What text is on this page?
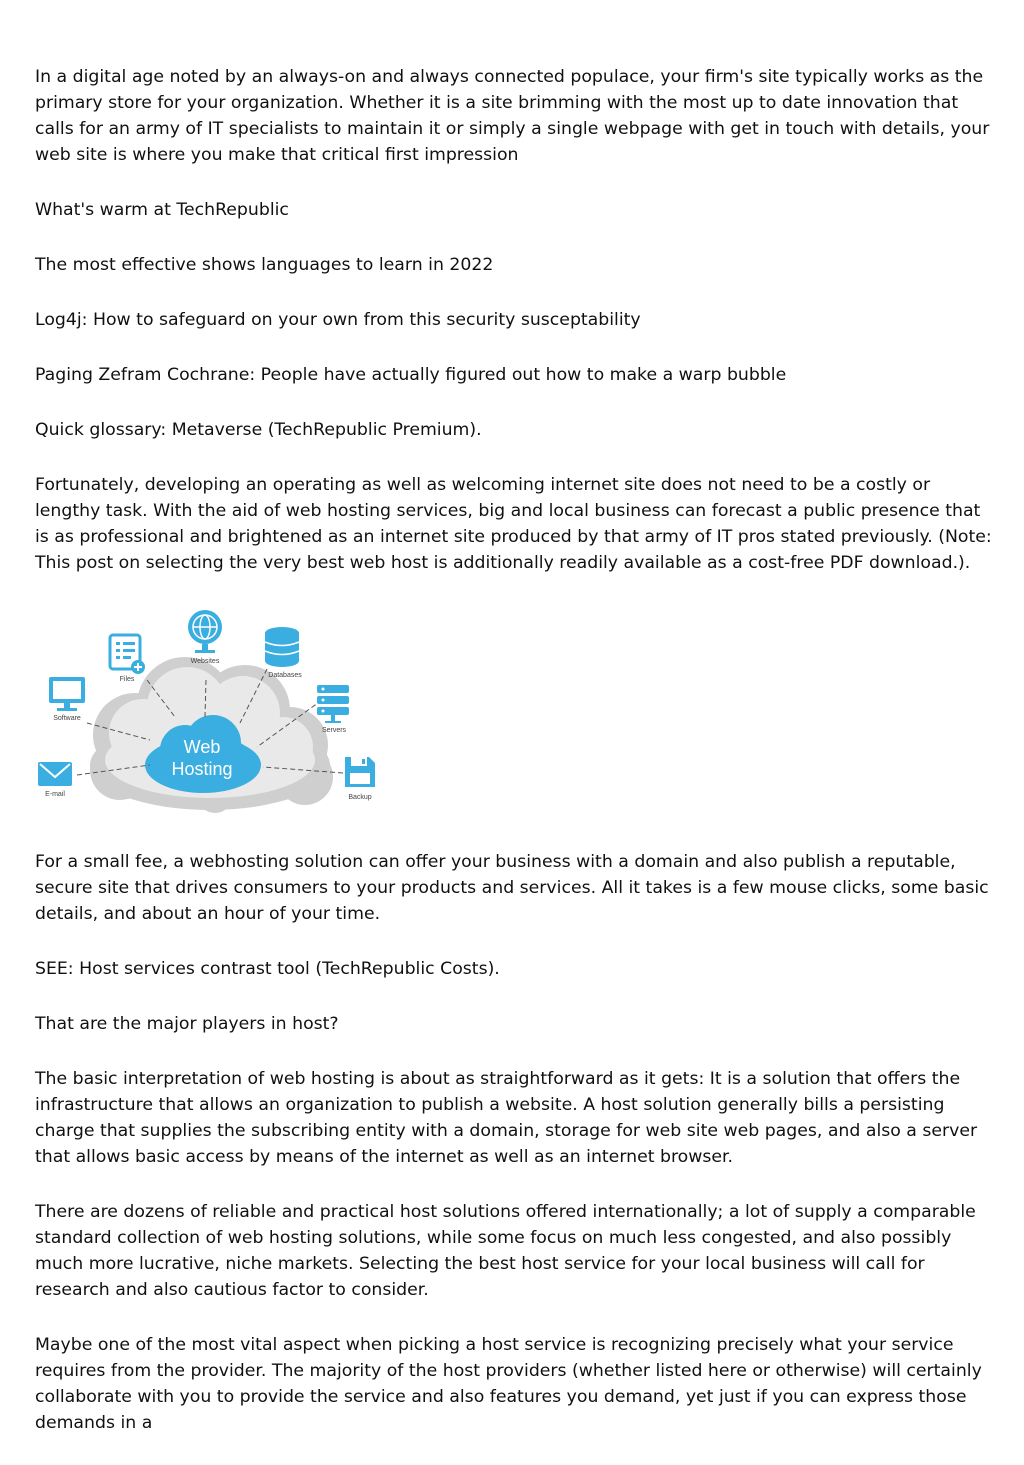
In a digital age noted by an always-on and always connected populace, your firm's site typically works as the primary store for your organization. Whether it is a site brimming with the most up to date innovation that calls for an army of IT specialists to maintain it or simply a single webpage with get in touch with details, your web site is where you make that critical first impression

What's warm at TechRepublic

The most effective shows languages to learn in 2022

Log4j: How to safeguard on your own from this security susceptability

Paging Zefram Cochrane: People have actually figured out how to make a warp bubble

Quick glossary: Metaverse (TechRepublic Premium).

Fortunately, developing an operating as well as welcoming internet site does not need to be a costly or lengthy task. With the aid of web hosting services, big and local business can forecast a public presence that is as professional and brightened as an internet site produced by that army of IT pros stated previously. (Note: This post on selecting the very best web host is additionally readily available as a cost-free PDF download.).

Web
Hosting
Files
Websites
Databases
Software
Servers
E-mail	Backup

For a small fee, a webhosting solution can offer your business with a domain and also publish a reputable, secure site that drives consumers to your products and services. All it takes is a few mouse clicks, some basic details, and about an hour of your time.

SEE: Host services contrast tool (TechRepublic Costs).

That are the major players in host?

The basic interpretation of web hosting is about as straightforward as it gets: It is a solution that offers the infrastructure that allows an organization to publish a website. A host solution generally bills a persisting charge that supplies the subscribing entity with a domain, storage for web site web pages, and also a server that allows basic access by means of the internet as well as an internet browser.

There are dozens of reliable and practical host solutions offered internationally; a lot of supply a comparable standard collection of web hosting solutions, while some focus on much less congested, and also possibly much more lucrative, niche markets. Selecting the best host service for your local business will call for research and also cautious factor to consider.

Maybe one of the most vital aspect when picking a host service is recognizing precisely what your service requires from the provider. The majority of the host providers (whether listed here or otherwise) will certainly collaborate with you to provide the service and also features you demand, yet just if you can express those demands in a
